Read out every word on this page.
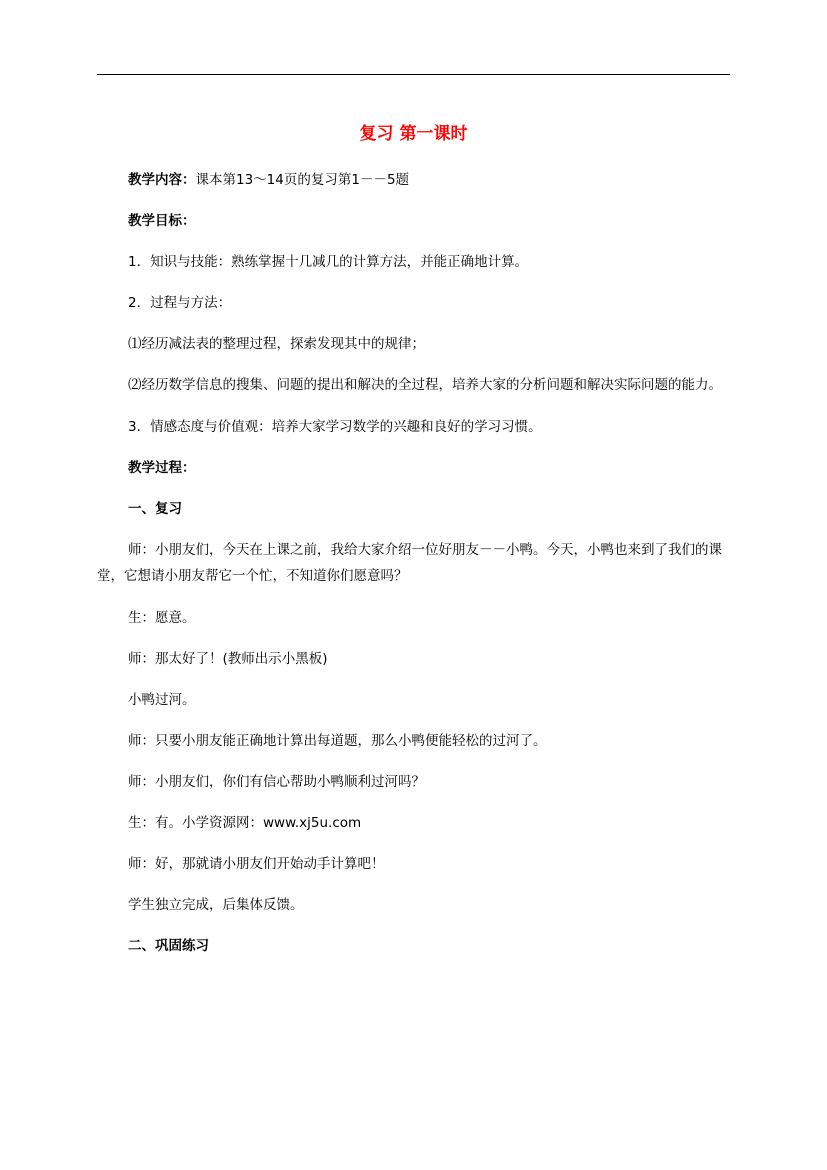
复习 第一课时

教学内容：课本第13～14页的复习第1－－5题

教学目标：

1．知识与技能：熟练掌握十几减几的计算方法，并能正确地计算。

2．过程与方法：

⑴经历减法表的整理过程，探索发现其中的规律；

⑵经历数学信息的搜集、问题的提出和解决的全过程，培养大家的分析问题和解决实际问题的能力。

3．情感态度与价值观：培养大家学习数学的兴趣和良好的学习习惯。

教学过程：

一、复习

师：小朋友们，今天在上课之前，我给大家介绍一位好朋友－－小鸭。今天，小鸭也来到了我们的课堂，它想请小朋友帮它一个忙，不知道你们愿意吗？

生：愿意。

师：那太好了！(教师出示小黑板)

小鸭过河。

师：只要小朋友能正确地计算出每道题，那么小鸭便能轻松的过河了。

师：小朋友们，你们有信心帮助小鸭顺利过河吗？

生：有。小学资源网：www.xj5u.com

师：好，那就请小朋友们开始动手计算吧！

学生独立完成，后集体反馈。

二、巩固练习
